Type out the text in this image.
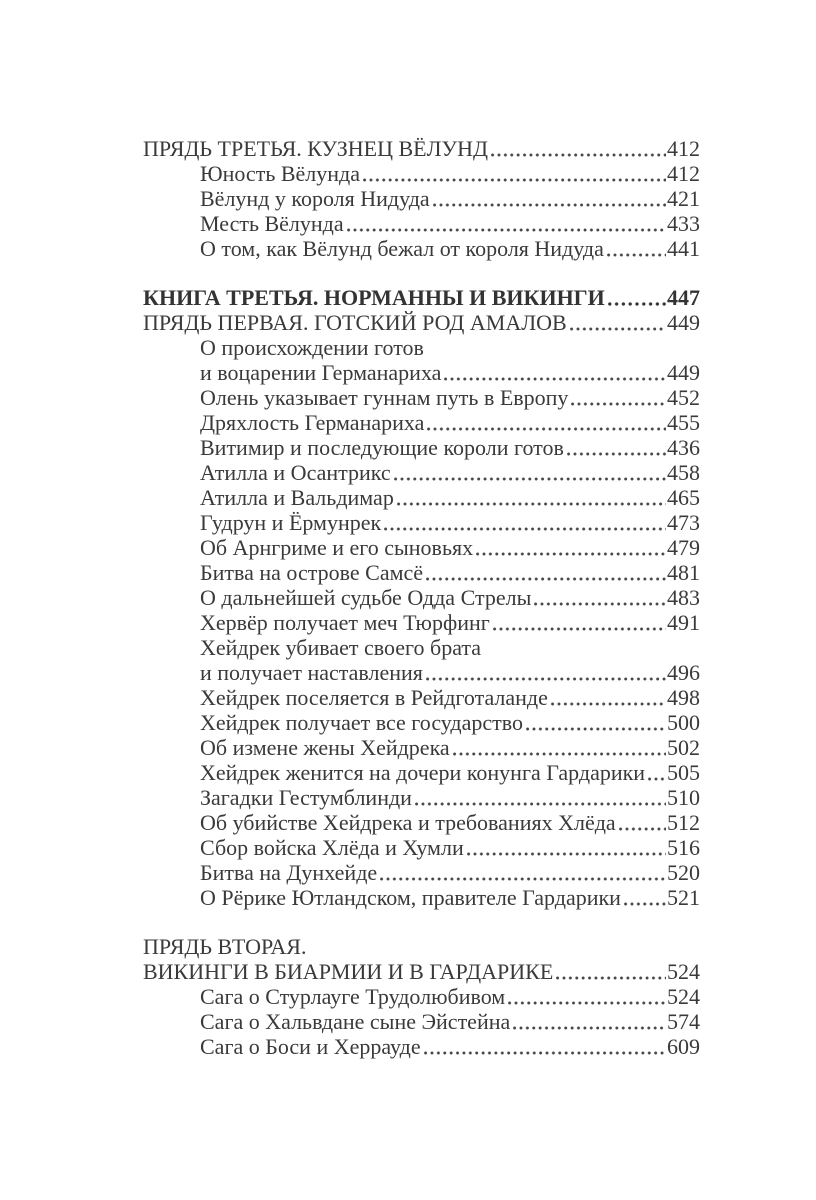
ПРЯДЬ ТРЕТЬЯ. КУЗНЕЦ ВЁЛУНД	412
Юность Вёлунда	412
Вёлунд у короля Нидуда	421
Месть Вёлунда	433
О том, как Вёлунд бежал от короля Нидуда	441
КНИГА ТРЕТЬЯ. НОРМАННЫ И ВИКИНГИ	447
ПРЯДЬ ПЕРВАЯ. ГОТСКИЙ РОД АМАЛОВ	449
О происхождении готов
и воцарении Германариха	449
Олень указывает гуннам путь в Европу	452
Дряхлость Германариха	455
Витимир и последующие короли готов	436
Атилла и Осантрикс	458
Атилла и Вальдимар	465
Гудрун и Ёрмунрек	473
Об Арнгриме и его сыновьях	479
Битва на острове Самсё	481
О дальнейшей судьбе Одда Стрелы	483
Хервёр получает меч Тюрфинг	491
Хейдрек убивает своего брата
и получает наставления	496
Хейдрек поселяется в Рейдготаланде	498
Хейдрек получает все государство	500
Об измене жены Хейдрека	502
Хейдрек женится на дочери конунга Гардарики 505
Загадки Гестумблинди	510
Об убийстве Хейдрека и требованиях Хлёда 512
Сбор войска Хлёда и Хумли	516
Битва на Дунхейде	520
О Рёрике Ютландском, правителе Гардарики 521
ПРЯДЬ ВТОРАЯ.
ВИКИНГИ В БИАРМИИ И В ГАРДАРИКЕ	524
Сага о Стурлауге Трудолюбивом	524
Сага о Хальвдане сыне Эйстейна	574
Сага о Боси и Херрауде	609
